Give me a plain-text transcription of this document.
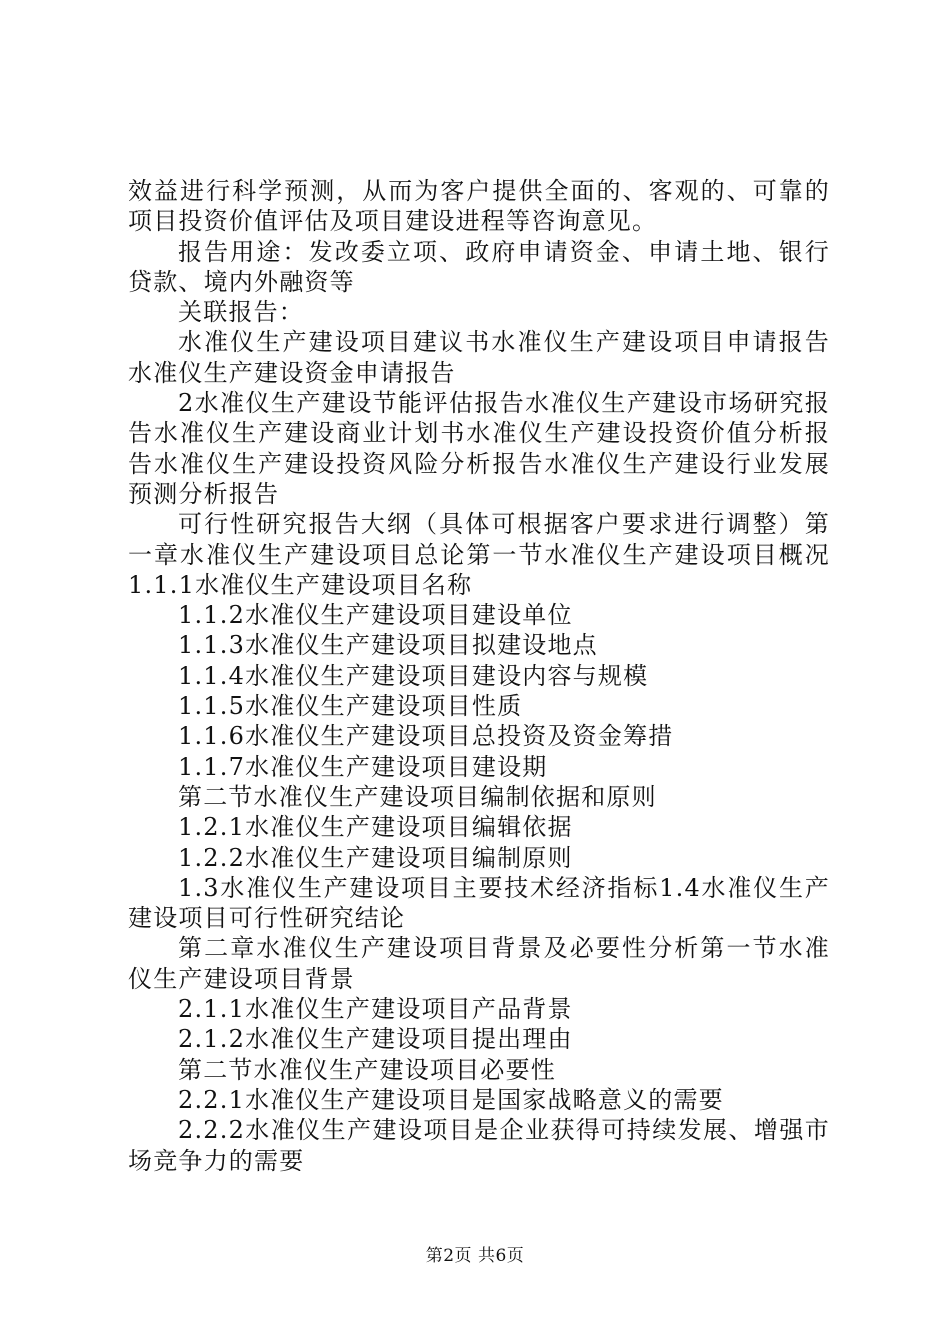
效益进行科学预测，从而为客户提供全面的、客观的、可靠的项目投资价值评估及项目建设进程等咨询意见。

报告用途：发改委立项、政府申请资金、申请土地、银行贷款、境内外融资等

关联报告：

水准仪生产建设项目建议书水准仪生产建设项目申请报告水准仪生产建设资金申请报告

2水准仪生产建设节能评估报告水准仪生产建设市场研究报告水准仪生产建设商业计划书水准仪生产建设投资价值分析报告水准仪生产建设投资风险分析报告水准仪生产建设行业发展预测分析报告

可行性研究报告大纲（具体可根据客户要求进行调整）第一章水准仪生产建设项目总论第一节水准仪生产建设项目概况1.1.1水准仪生产建设项目名称

1.1.2水准仪生产建设项目建设单位

1.1.3水准仪生产建设项目拟建设地点

1.1.4水准仪生产建设项目建设内容与规模

1.1.5水准仪生产建设项目性质

1.1.6水准仪生产建设项目总投资及资金筹措

1.1.7水准仪生产建设项目建设期

第二节水准仪生产建设项目编制依据和原则

1.2.1水准仪生产建设项目编辑依据

1.2.2水准仪生产建设项目编制原则

1.3水准仪生产建设项目主要技术经济指标1.4水准仪生产建设项目可行性研究结论

第二章水准仪生产建设项目背景及必要性分析第一节水准仪生产建设项目背景

2.1.1水准仪生产建设项目产品背景

2.1.2水准仪生产建设项目提出理由

第二节水准仪生产建设项目必要性

2.2.1水准仪生产建设项目是国家战略意义的需要

2.2.2水准仪生产建设项目是企业获得可持续发展、增强市场竞争力的需要

第2页 共6页
